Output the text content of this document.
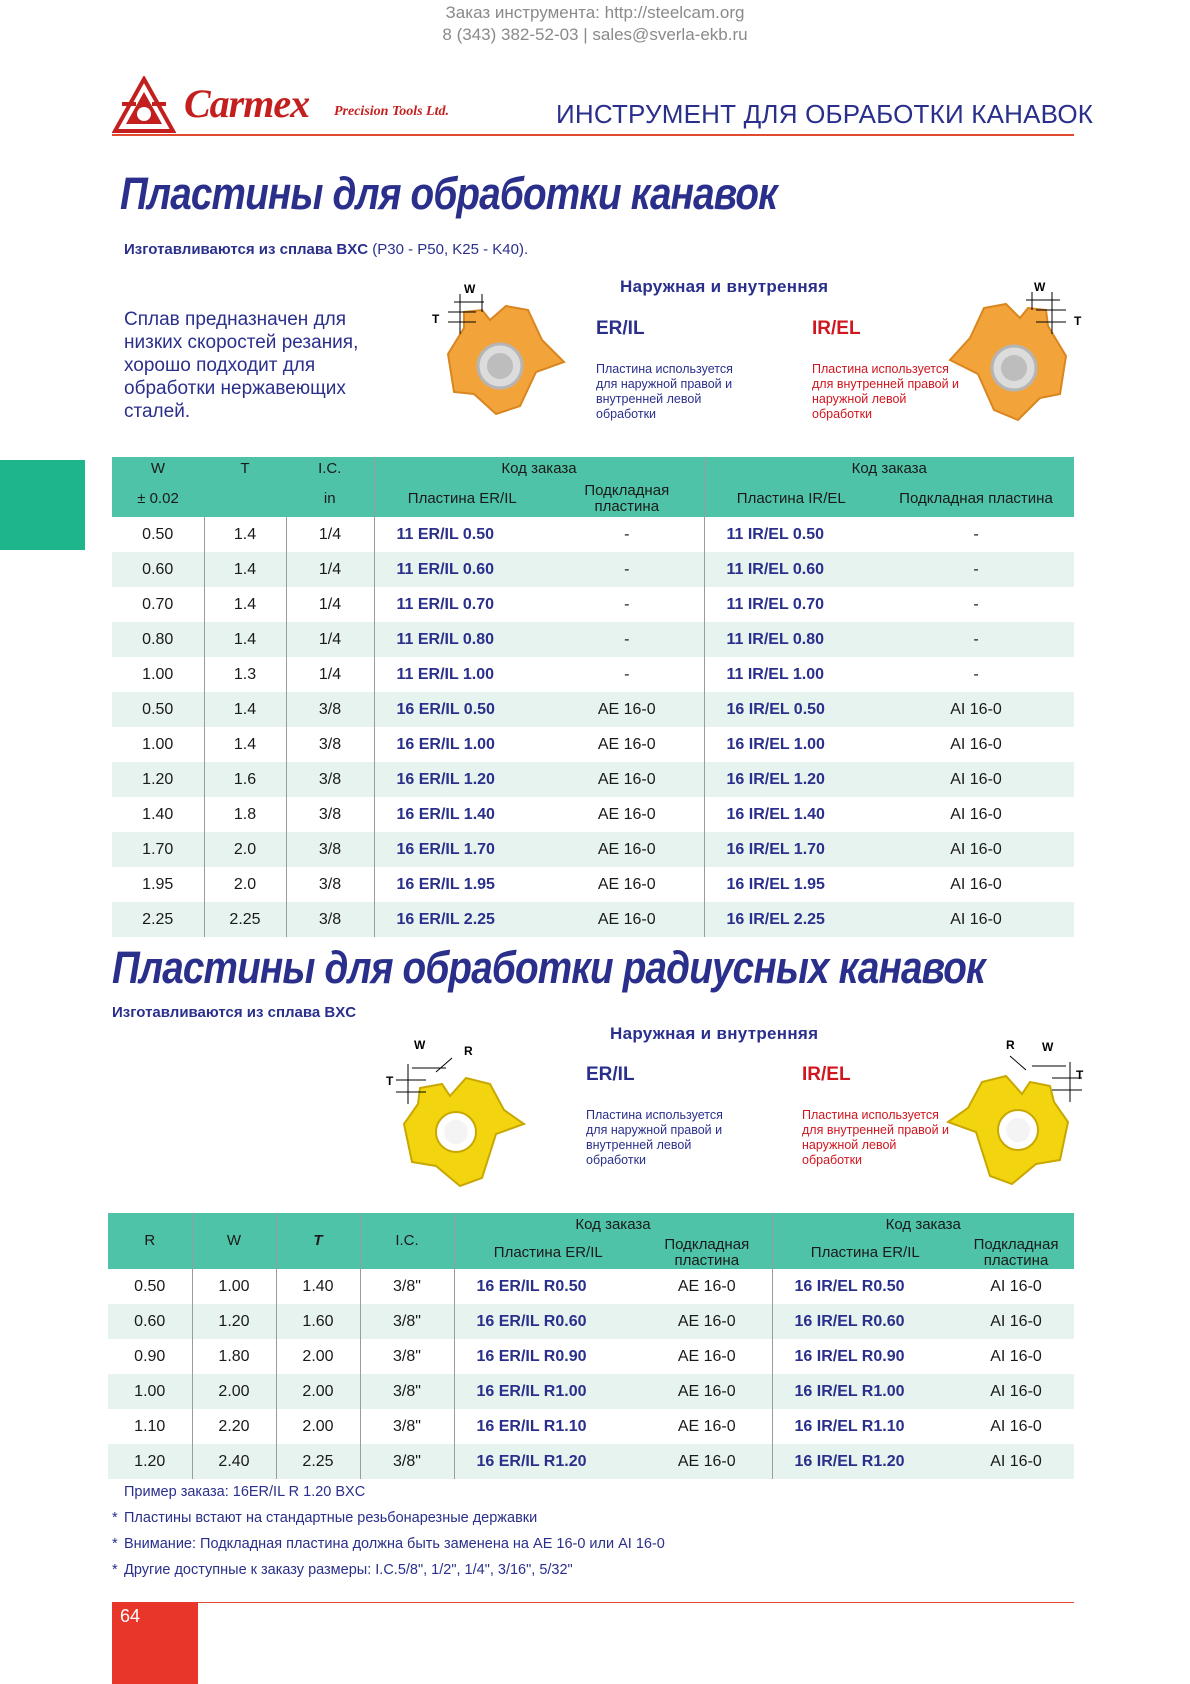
Заказ инструмента: http://steelcam.org
8 (343) 382-52-03 | sales@sverla-ekb.ru
Carmex Precision Tools Ltd.	ИНСТРУМЕНТ ДЛЯ ОБРАБОТКИ КАНАВОК
Пластины для обработки канавок
Изготавливаются из сплава BXC (P30 - P50, K25 - K40).
Сплав предназначен для низких скоростей резания, хорошо подходит для обработки нержавеющих сталей.
W
T
Наружная и внутренняя
ER/IL
Пластина используется для наружной правой и внутренней левой обработки
IR/EL
Пластина используется для внутренней правой и наружной левой обработки
W
T
W	T	I.C.	Код заказа		Код заказа	
± 0.02		in	Пластина ER/IL	Подкладная пластина	Пластина IR/EL	Подкладная пластина
0.50	1.4	1/4	11 ER/IL 0.50	-	11 IR/EL 0.50	-
0.60	1.4	1/4	11 ER/IL 0.60	-	11 IR/EL 0.60	-
0.70	1.4	1/4	11 ER/IL 0.70	-	11 IR/EL 0.70	-
0.80	1.4	1/4	11 ER/IL 0.80	-	11 IR/EL 0.80	-
1.00	1.3	1/4	11 ER/IL 1.00	-	11 IR/EL 1.00	-
0.50	1.4	3/8	16 ER/IL 0.50	AE 16-0	16 IR/EL 0.50	AI 16-0
1.00	1.4	3/8	16 ER/IL 1.00	AE 16-0	16 IR/EL 1.00	AI 16-0
1.20	1.6	3/8	16 ER/IL 1.20	AE 16-0	16 IR/EL 1.20	AI 16-0
1.40	1.8	3/8	16 ER/IL 1.40	AE 16-0	16 IR/EL 1.40	AI 16-0
1.70	2.0	3/8	16 ER/IL 1.70	AE 16-0	16 IR/EL 1.70	AI 16-0
1.95	2.0	3/8	16 ER/IL 1.95	AE 16-0	16 IR/EL 1.95	AI 16-0
2.25	2.25	3/8	16 ER/IL 2.25	AE 16-0	16 IR/EL 2.25	AI 16-0
Пластины для обработки радиусных канавок
Изготавливаются из сплава BXC
W	R
T
Наружная и внутренняя
ER/IL
Пластина используется для наружной правой и внутренней левой обработки
IR/EL
Пластина используется для внутренней правой и наружной левой обработки
R W
T
R	W	T	I.C.	Код заказа		Код заказа	
				Пластина ER/IL	Подкладная пластина	Пластина ER/IL	Подкладная пластина
0.50	1.00	1.40	3/8"	16 ER/IL R0.50	AE 16-0	16 IR/EL R0.50	AI 16-0
0.60	1.20	1.60	3/8"	16 ER/IL R0.60	AE 16-0	16 IR/EL R0.60	AI 16-0
0.90	1.80	2.00	3/8"	16 ER/IL R0.90	AE 16-0	16 IR/EL R0.90	AI 16-0
1.00	2.00	2.00	3/8"	16 ER/IL R1.00	AE 16-0	16 IR/EL R1.00	AI 16-0
1.10	2.20	2.00	3/8"	16 ER/IL R1.10	AE 16-0	16 IR/EL R1.10	AI 16-0
1.20	2.40	2.25	3/8"	16 ER/IL R1.20	AE 16-0	16 IR/EL R1.20	AI 16-0
Пример заказа: 16ER/IL R 1.20 BXC
* Пластины встают на стандартные резьбонарезные державки
* Внимание: Подкладная пластина должна быть заменена на AE 16-0 или AI 16-0
* Другие доступные к заказу размеры: I.C.5/8", 1/2", 1/4", 3/16", 5/32"
64
